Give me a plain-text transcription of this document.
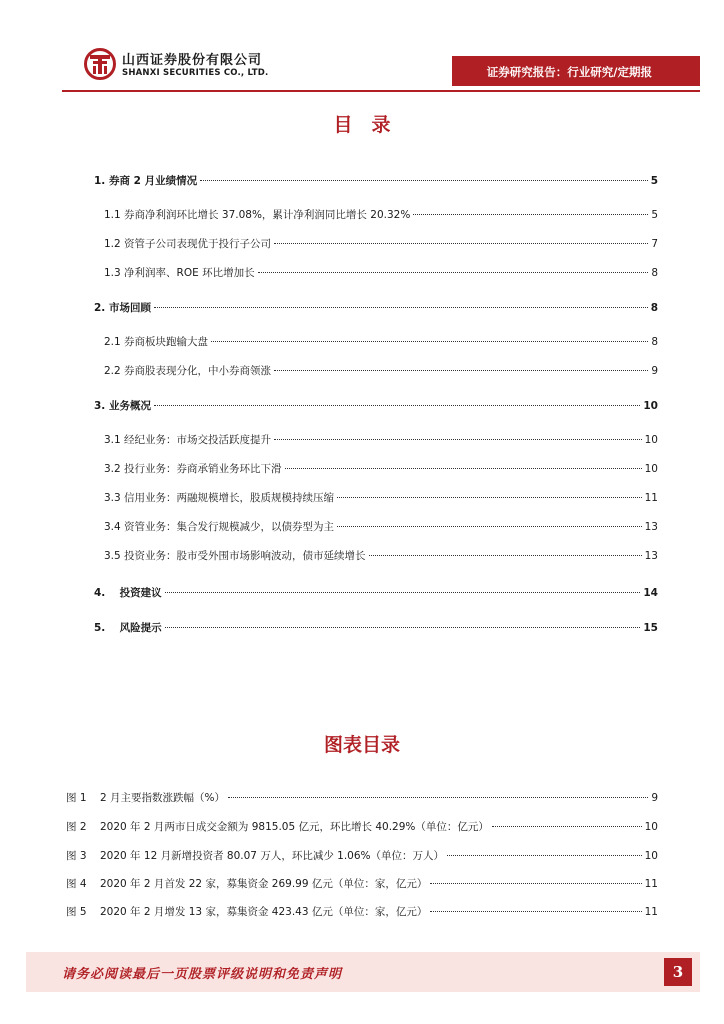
山西证券股份有限公司
SHANXI SECURITIES CO., LTD.	证券研究报告：行业研究/定期报
目　录
1. 券商 2 月业绩情况	5
1.1 券商净利润环比增长 37.08%，累计净利润同比增长 20.32%	5
1.2 资管子公司表现优于投行子公司	7
1.3 净利润率、ROE 环比增加长	8
2. 市场回顾	8
2.1 券商板块跑输大盘	8
2.2 券商股表现分化，中小券商领涨	9
3. 业务概况	10
3.1 经纪业务：市场交投活跃度提升	10
3.2 投行业务：券商承销业务环比下滑	10
3.3 信用业务：两融规模增长，股质规模持续压缩	11
3.4 资管业务：集合发行规模减少，以债券型为主	13
3.5 投资业务：股市受外围市场影响波动，债市延续增长	13
4. 投资建议	14
5. 风险提示	15
图表目录
图 1 2 月主要指数涨跌幅（%）	9
图 2 2020 年 2 月两市日成交金额为 9815.05 亿元，环比增长 40.29%（单位：亿元）	10
图 3 2020 年 12 月新增投资者 80.07 万人，环比减少 1.06%（单位：万人）	10
图 4 2020 年 2 月首发 22 家，募集资金 269.99 亿元（单位：家，亿元）	11
图 5 2020 年 2 月增发 13 家，募集资金 423.43 亿元（单位：家，亿元）	11
请务必阅读最后一页股票评级说明和免责声明	3
